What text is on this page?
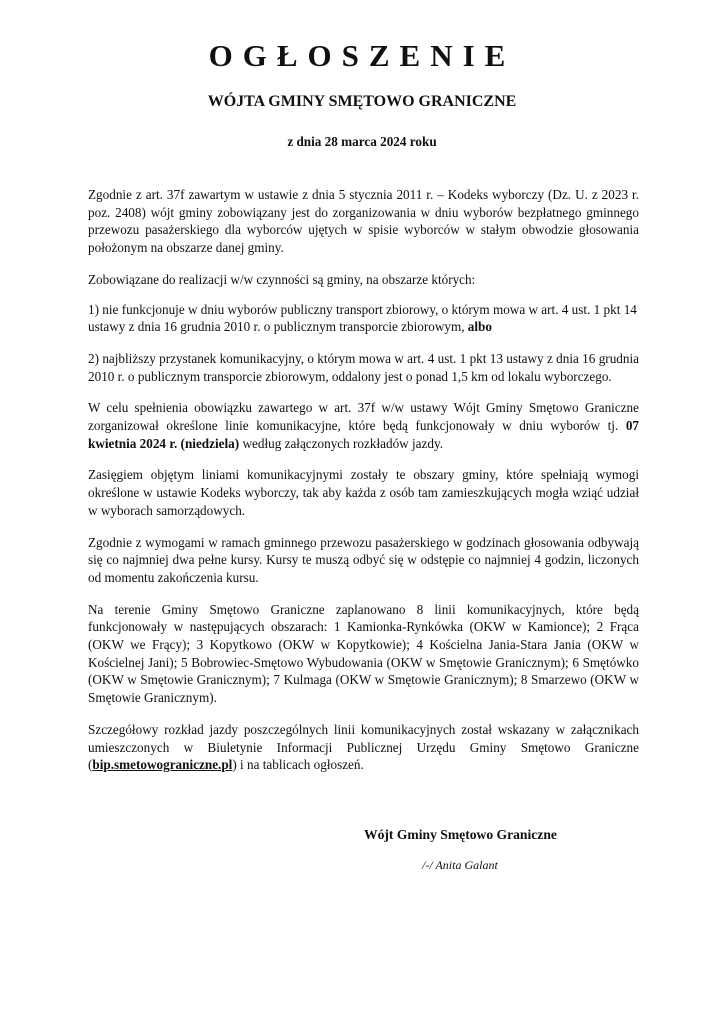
OGŁOSZENIE
WÓJTA GMINY SMĘTOWO GRANICZNE

z dnia 28 marca 2024 roku

Zgodnie z art. 37f zawartym w ustawie z dnia 5 stycznia 2011 r. – Kodeks wyborczy (Dz. U. z 2023 r. poz. 2408) wójt gminy zobowiązany jest do zorganizowania w dniu wyborów bezpłatnego gminnego przewozu pasażerskiego dla wyborców ujętych w spisie wyborców w stałym obwodzie głosowania położonym na obszarze danej gminy.

Zobowiązane do realizacji w/w czynności są gminy, na obszarze których:

1) nie funkcjonuje w dniu wyborów publiczny transport zbiorowy, o którym mowa w art. 4 ust. 1 pkt 14 ustawy z dnia 16 grudnia 2010 r. o publicznym transporcie zbiorowym, albo

2) najbliższy przystanek komunikacyjny, o którym mowa w art. 4 ust. 1 pkt 13 ustawy z dnia 16 grudnia 2010 r. o publicznym transporcie zbiorowym, oddalony jest o ponad 1,5 km od lokalu wyborczego.

W celu spełnienia obowiązku zawartego w art. 37f w/w ustawy Wójt Gminy Smętowo Graniczne zorganizował określone linie komunikacyjne, które będą funkcjonowały w dniu wyborów tj. 07 kwietnia 2024 r. (niedziela) według załączonych rozkładów jazdy.

Zasięgiem objętym liniami komunikacyjnymi zostały te obszary gminy, które spełniają wymogi określone w ustawie Kodeks wyborczy, tak aby każda z osób tam zamieszkujących mogła wziąć udział w wyborach samorządowych.

Zgodnie z wymogami w ramach gminnego przewozu pasażerskiego w godzinach głosowania odbywają się co najmniej dwa pełne kursy. Kursy te muszą odbyć się w odstępie co najmniej 4 godzin, liczonych od momentu zakończenia kursu.

Na terenie Gminy Smętowo Graniczne zaplanowano 8 linii komunikacyjnych, które będą funkcjonowały w następujących obszarach: 1 Kamionka-Rynkówka (OKW w Kamionce); 2 Frąca (OKW we Frący); 3 Kopytkowo (OKW w Kopytkowie); 4 Kościelna Jania-Stara Jania (OKW w Kościelnej Jani); 5 Bobrowiec-Smętowo Wybudowania (OKW w Smętowie Granicznym); 6 Smętówko (OKW w Smętowie Granicznym); 7 Kulmaga (OKW w Smętowie Granicznym); 8 Smarzewo (OKW w Smętowie Granicznym).

Szczegółowy rozkład jazdy poszczególnych linii komunikacyjnych został wskazany w załącznikach umieszczonych w Biuletynie Informacji Publicznej Urzędu Gminy Smętowo Graniczne (bip.smetowograniczne.pl) i na tablicach ogłoszeń.

Wójt Gminy Smętowo Graniczne

/-/ Anita Galant
